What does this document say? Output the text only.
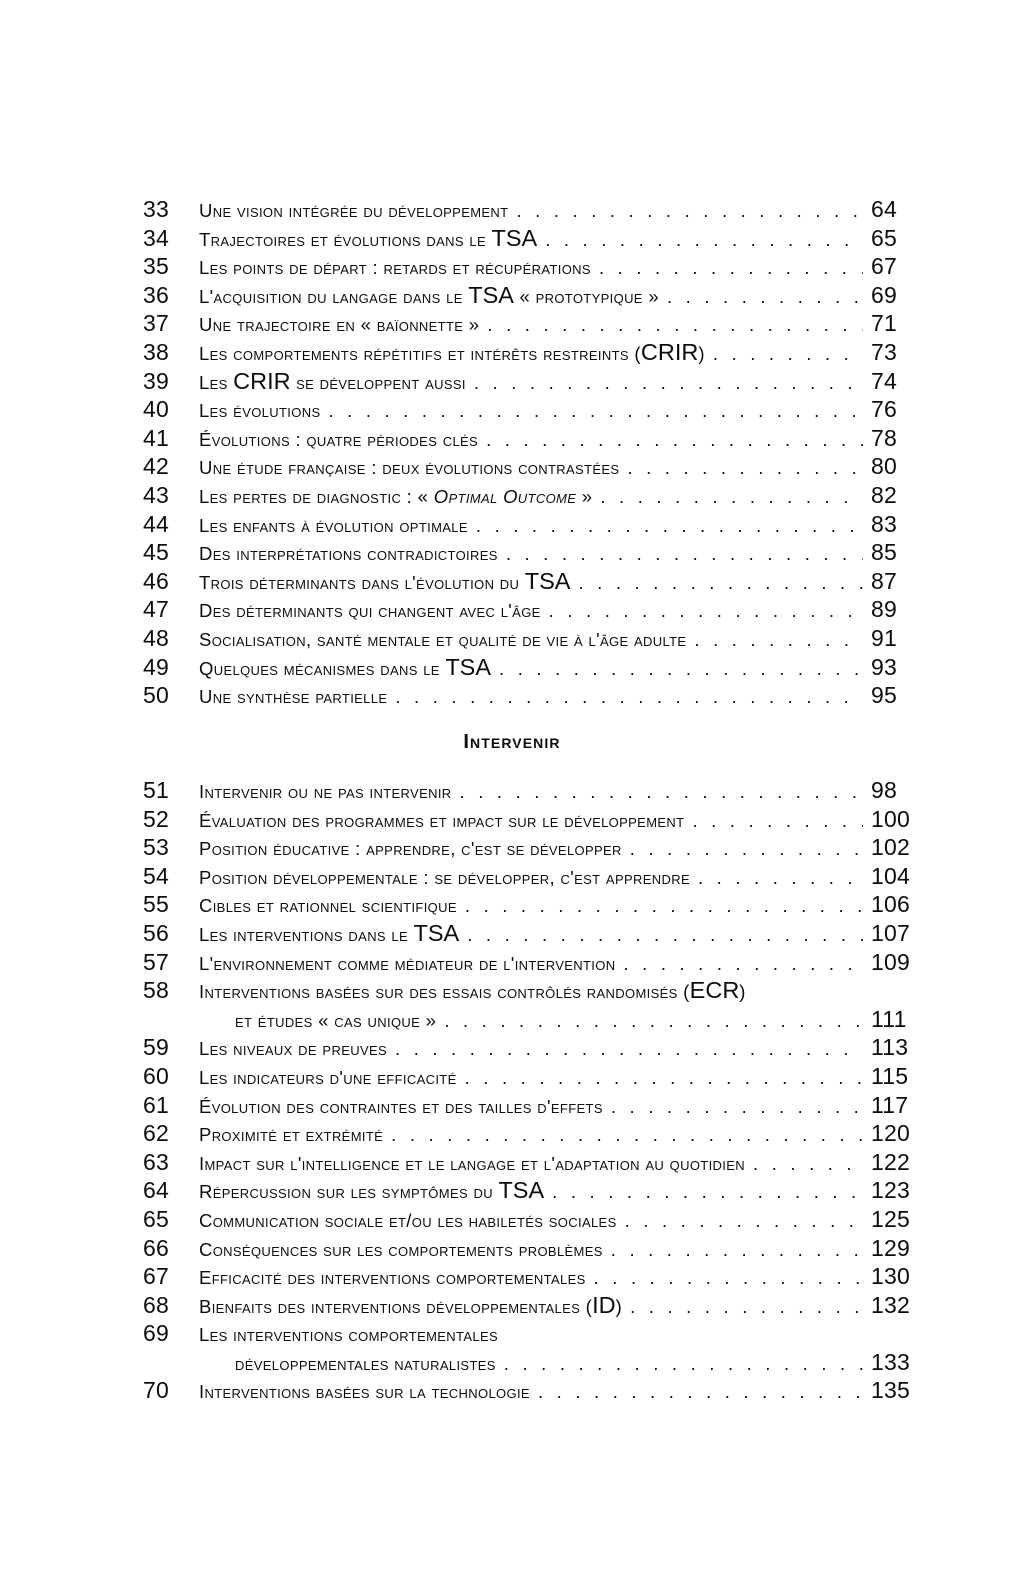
33	Une vision intégrée du développement . . .	64
34	Trajectoires et évolutions dans le TSA . . .	65
35	Les points de départ : retards et récupérations . . .	67
36	L'acquisition du langage dans le TSA « prototypique » . . .	69
37	Une trajectoire en « baïonnette » . . .	71
38	Les comportements répétitifs et intérêts restreints (CRIR) . . .	73
39	Les CRIR se développent aussi . . .	74
40	Les évolutions . . .	76
41	Évolutions : quatre périodes clés . . .	78
42	Une étude française : deux évolutions contrastées . . .	80
43	Les pertes de diagnostic : « Optimal Outcome » . . .	82
44	Les enfants à évolution optimale . . .	83
45	Des interprétations contradictoires . . .	85
46	Trois déterminants dans l'évolution du TSA . . .	87
47	Des déterminants qui changent avec l'âge . . .	89
48	Socialisation, santé mentale et qualité de vie à l'âge adulte . . .	91
49	Quelques mécanismes dans le TSA . . .	93
50	Une synthèse partielle . . .	95
Intervenir
51	Intervenir ou ne pas intervenir . . .	98
52	Évaluation des programmes et impact sur le développement . . .	100
53	Position éducative : apprendre, c'est se développer . . .	102
54	Position développementale : se développer, c'est apprendre . . .	104
55	Cibles et rationnel scientifique . . .	106
56	Les interventions dans le TSA . . .	107
57	L'environnement comme médiateur de l'intervention . . .	109
58	Interventions basées sur des essais contrôlés randomisés (ECR)
et études « cas unique » . . .	111
59	Les niveaux de preuves . . .	113
60	Les indicateurs d'une efficacité . . .	115
61	Évolution des contraintes et des tailles d'effets . . .	117
62	Proximité et extrémité . . .	120
63	Impact sur l'intelligence et le langage et l'adaptation au quotidien . . .	122
64	Répercussion sur les symptômes du TSA . . .	123
65	Communication sociale et/ou les habiletés sociales . . .	125
66	Conséquences sur les comportements problèmes . . .	129
67	Efficacité des interventions comportementales . . .	130
68	Bienfaits des interventions développementales (ID) . . .	132
69	Les interventions comportementales
développementales naturalistes . . .	133
70	Interventions basées sur la technologie . . .	135
